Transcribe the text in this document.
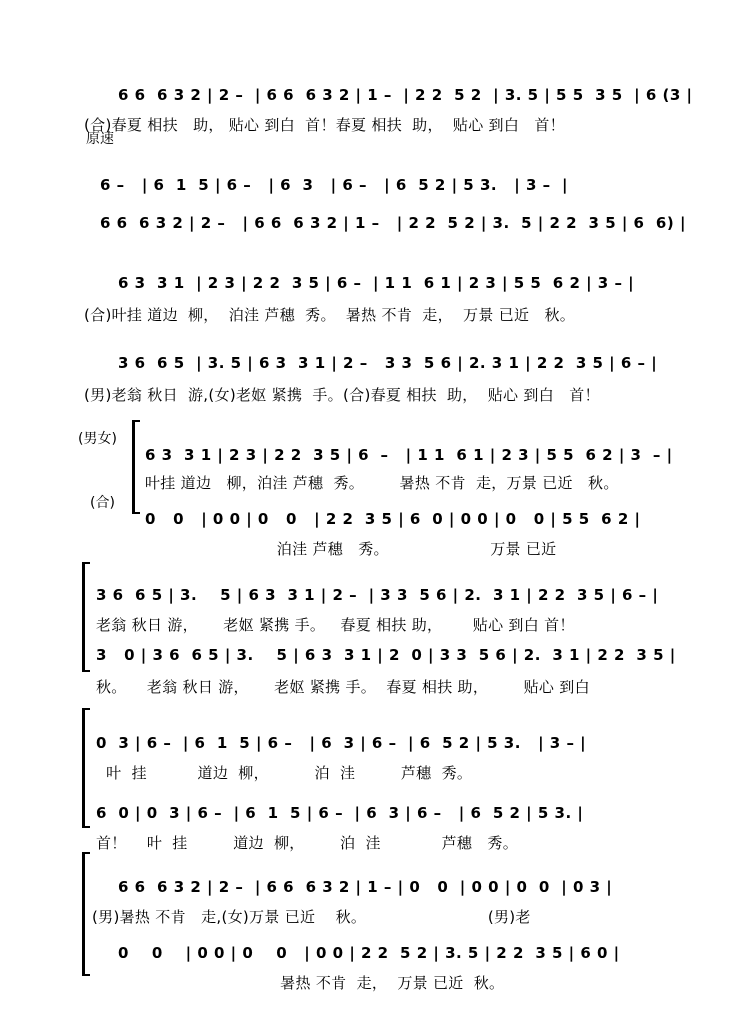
6 6  6 3 2 | 2 –  | 6 6  6 3 2 | 1 –  | 2 2  5 2  | 3. 5 | 5 5  3 5  | 6 (3 |

(合)春夏 相扶   助， 贴心 到白  首！春夏 相扶  助，  贴心 到白   首！

原速

6 –   | 6  1  5 | 6 –   | 6  3   | 6 –   | 6  5 2 | 5 3.   | 3 –  |

6 6  6 3 2 | 2 –   | 6 6  6 3 2 | 1 –   | 2 2  5 2 | 3.  5 | 2 2  3 5 | 6  6) |

6 3  3 1  | 2 3 | 2 2  3 5 | 6 –  | 1 1  6 1 | 2 3 | 5 5  6 2 | 3 – |

(合)叶挂 道边  柳，  泊洼 芦穗  秀。  暑热 不肯  走，  万景 已近   秋。

3 6  6 5  | 3. 5 | 6 3  3 1 | 2 –   3 3  5 6 | 2. 3 1 | 2 2  3 5 | 6 – |

(男)老翁 秋日  游,(女)老妪 紧携  手。(合)春夏 相扶  助，  贴心 到白   首！

(男女)

6 3  3 1 | 2 3 | 2 2  3 5 | 6  –   | 1 1  6 1 | 2 3 | 5 5  6 2 | 3  – |

叶挂 道边   柳，泊洼 芦穗  秀。       暑热 不肯  走，万景 已近   秋。

(合)

0   0   | 0 0 | 0   0   | 2 2  3 5 | 6  0 | 0 0 | 0   0 | 5 5  6 2 |

泊洼 芦穗   秀。                    万景 已近

3 6  6 5 | 3.    5 | 6 3  3 1 | 2 –  | 3 3  5 6 | 2.  3 1 | 2 2  3 5 | 6 – |

老翁 秋日 游，     老妪 紧携 手。   春夏 相扶 助，      贴心 到白 首！

3   0 | 3 6  6 5 | 3.    5 | 6 3  3 1 | 2  0 | 3 3  5 6 | 2.  3 1 | 2 2  3 5 |

秋。    老翁 秋日 游，     老妪 紧携 手。  春夏 相扶 助，       贴心 到白

0  3 | 6 –  | 6  1  5 | 6 –   | 6  3 | 6 –  | 6  5 2 | 5 3.   | 3 – |

叶  挂          道边  柳，         泊  洼         芦穗  秀。

6  0 | 0  3 | 6 –  | 6  1  5 | 6 –  | 6  3 | 6 –   | 6  5 2 | 5 3. |

首！    叶  挂         道边  柳，       泊  洼            芦穗   秀。

6 6  6 3 2 | 2 –  | 6 6  6 3 2 | 1 – | 0   0  | 0 0 | 0  0  | 0 3 |

(男)暑热 不肯   走,(女)万景 已近    秋。                        (男)老

0    0    | 0 0 | 0    0   | 0 0 | 2 2  5 2 | 3. 5 | 2 2  3 5 | 6 0 |

暑热 不肯  走，  万景 已近  秋。
